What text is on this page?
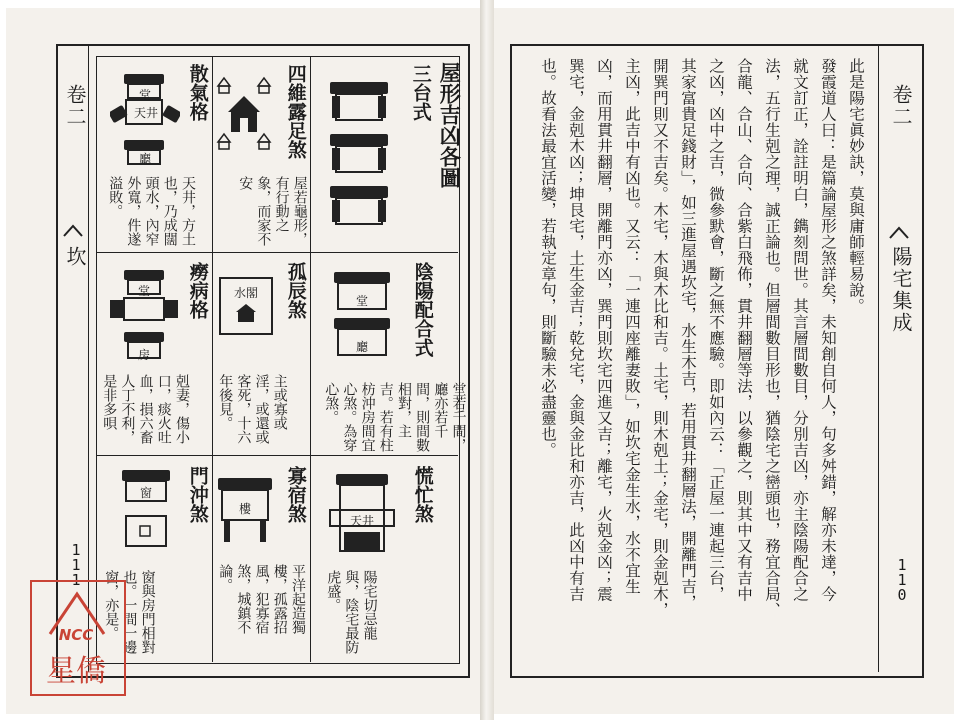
卷二
坎
111
屋形吉凶各圖
三台式
四維露足煞
屋若龜形，有行動之象，而家不安
散氣格
天井，方土也，乃成闊頭水，內窄外寬，件遂溢敗。
堂
天井
廳
陰陽配合式
堂若千間，廳亦若千間，則間數相對，主吉。若有柱枋沖房間宜心煞。為穿心煞。
堂
廳
孤辰煞
主或寡或淫，或還或客死，十六年後見。
水閣
癆病格
剋妻，傷小口，痰火吐血，損六畜人丁不利，是非多唄
堂
房
慌忙煞
陽宅切忌龍與，陰宅最防虎盛。
天井
寡宿煞
平洋起造獨樓，孤露招風，犯寡宿煞，城鎮不論。
樓
門沖煞
窗與房門相對也。一間一邊窗，亦是。
窗
卷二
陽宅集成
110
此是陽宅眞妙訣，莫與庸師輕易說。
發霞道人曰：是篇論屋形之煞詳矣，未知創自何人，句多舛錯，解亦未達，今
就文訂正，詮註明白，鐫刻問世。其言層間數目，分別吉凶，亦主陰陽配合之
法，五行生剋之理，誠正論也。但層間數目形也，猶陰宅之巒頭也，務宜合局、
合龍、合山、合向、合紫白飛佈，貫井翻層等法，以參觀之，則其中又有吉中
之凶，凶中之吉，微參默會，斷之無不應驗。即如內云：「正屋一連起三台，
其家富貴足錢財」，如三進屋遇坎宅，水生木吉，若用貫井翻層法，開離門吉，
開巽門則又不吉矣。木宅，木與木比和吉。土宅，則木剋土；金宅，則金剋木，
主凶，此吉中有凶也。又云：「一連四座離妻敗」，如坎宅金生水，水不宜生
凶，而用貫井翻層，開離門亦凶，巽門則坎宅四進又吉；離宅，火剋金凶；震
巽宅，金剋木凶；坤艮宅，土生金吉；乾兌宅，金與金比和亦吉，此凶中有吉
也。故看法最宜活變，若執定章句，則斷驗未必盡靈也。
NCC
星僑
